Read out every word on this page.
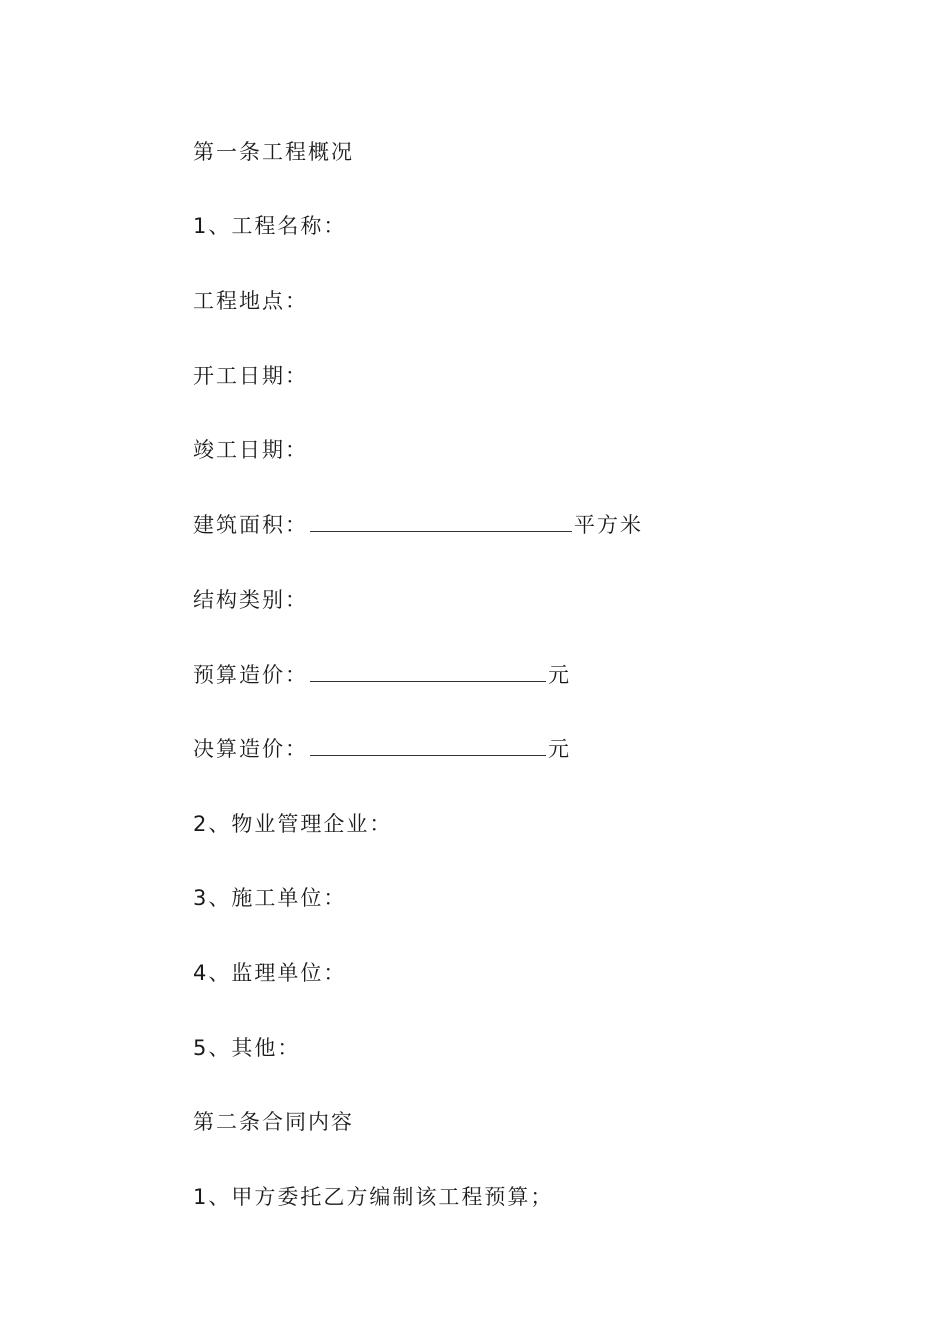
第一条工程概况
1、工程名称：
工程地点：
开工日期：
竣工日期：
建筑面积：	平方米
结构类别：
预算造价：	元
决算造价：	元
2、物业管理企业：
3、施工单位：
4、监理单位：
5、其他：
第二条合同内容
1、甲方委托乙方编制该工程预算；
